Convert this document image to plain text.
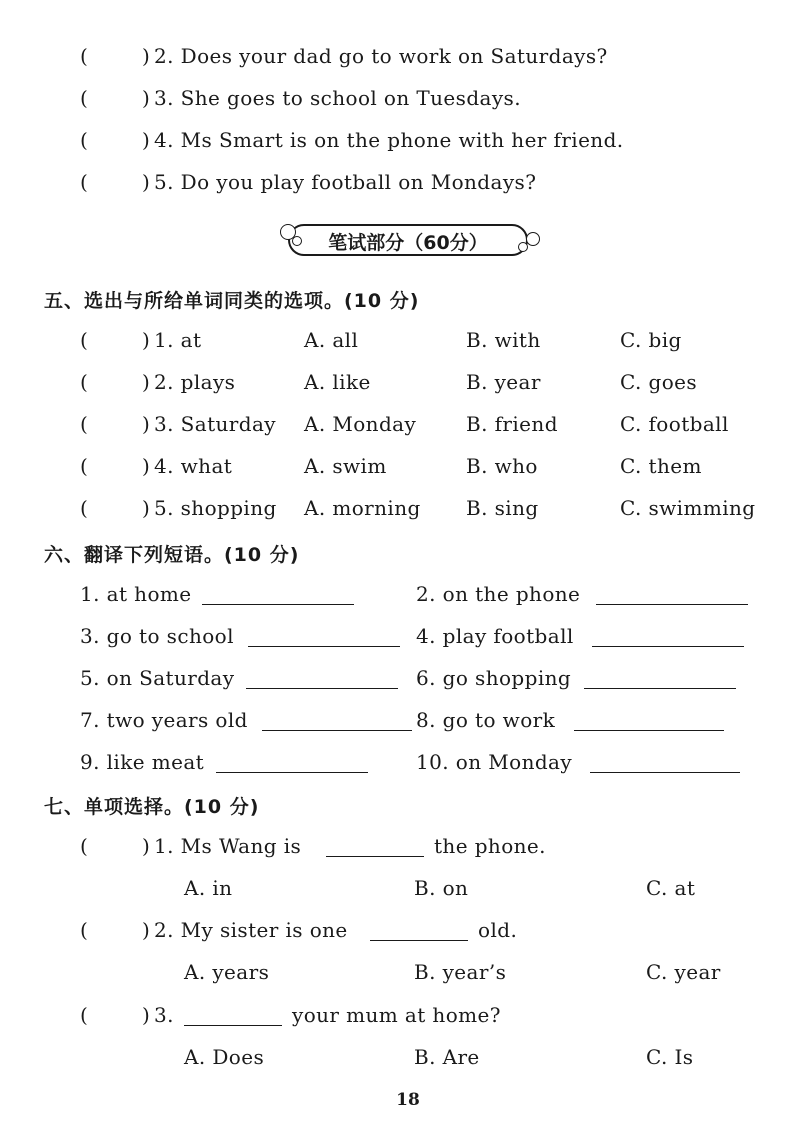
(	) 2. Does your dad go to work on Saturdays?
(	) 3. She goes to school on Tuesdays.
(	) 4. Ms Smart is on the phone with her friend.
(	) 5. Do you play football on Mondays?
笔试部分（60分）
五、选出与所给单词同类的选项。(10 分)
(	) 1. at	A. all	B. with	C. big
(	) 2. plays	A. like	B. year	C. goes
(	) 3. Saturday A. Monday B. friend	C. football
(	) 4. what	A. swim	B. who	C. them
(	) 5. shopping A. morning B. sing	C. swimming
六、翻译下列短语。(10 分)
1. at home	2. on the phone
3. go to school	4. play football
5. on Saturday	6. go shopping
7. two years old	8. go to work
9. like meat	10. on Monday
七、单项选择。(10 分)
(	) 1. Ms Wang is	the phone.
A. in	B. on	C. at
(	) 2. My sister is one	old.
A. years	B. year’s	C. year
(	) 3.	your mum at home?
A. Does	B. Are	C. Is
18
